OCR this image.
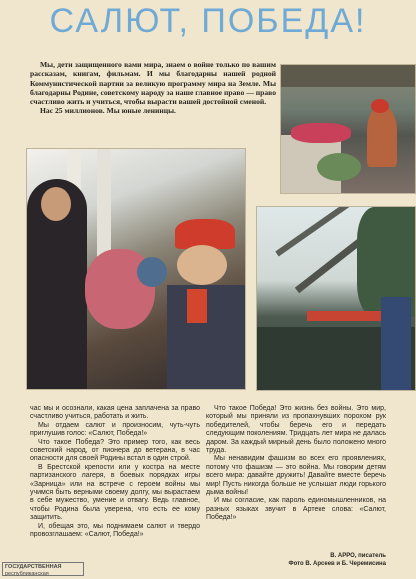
САЛЮТ, ПОБЕДА!

Мы, дети защищенного вами мира, знаем о войне только по вашим рассказам, книгам, фильмам. И мы благодарны нашей родной Коммунистической партии за великую программу мира на Земле. Мы благодарны Родине, советскому народу за наше главное право — право счастливо жить и учиться, чтобы вырасти вашей достойной сменой.

Нас 25 миллионов. Мы юные ленинцы.

час мы и осознали, какая цена заплачена за право счастливо учиться, работать и жить.

Мы отдаем салют и произносим, чуть-чуть приглушив голос: «Салют, Победа!»

Что такое Победа? Это пример того, как весь советский народ, от пионера до ветерана, в час опасности для своей Родины встал в один строй.

В Брестской крепости или у костра на месте партизанского лагеря, в боевых порядках игры «Зарница» или на встрече с героем войны мы учимся быть верными своему долгу, мы вырастаем в себе мужество, умение и отвагу. Ведь главное, чтобы Родина была уверена, что есть ее кому защитить.

И, обещая это, мы поднимаем салют и твердо провозглашаем: «Салют, Победа!»

Что такое Победа! Это жизнь без войны. Это мир, который мы приняли из пропахнувших порохом рук победителей, чтобы беречь его и передать следующим поколениям. Тридцать лет мира не далась даром. За каждый мирный день было положено много труда.

Мы ненавидим фашизм во всех его проявлениях, потому что фашизм — это война. Мы говорим детям всего мира: давайте дружить! Давайте вместе беречь мир! Пусть никогда больше не услышат люди горького дыма войны!

И мы согласие, как пароль единомышленников, на разных языках звучит в Артеке слова: «Салют, Победа!»

В. АРРО, писатель
Фото В. Арсеев и Б. Черемисина
ГОСУДАРСТВЕННАЯ
республиканская
